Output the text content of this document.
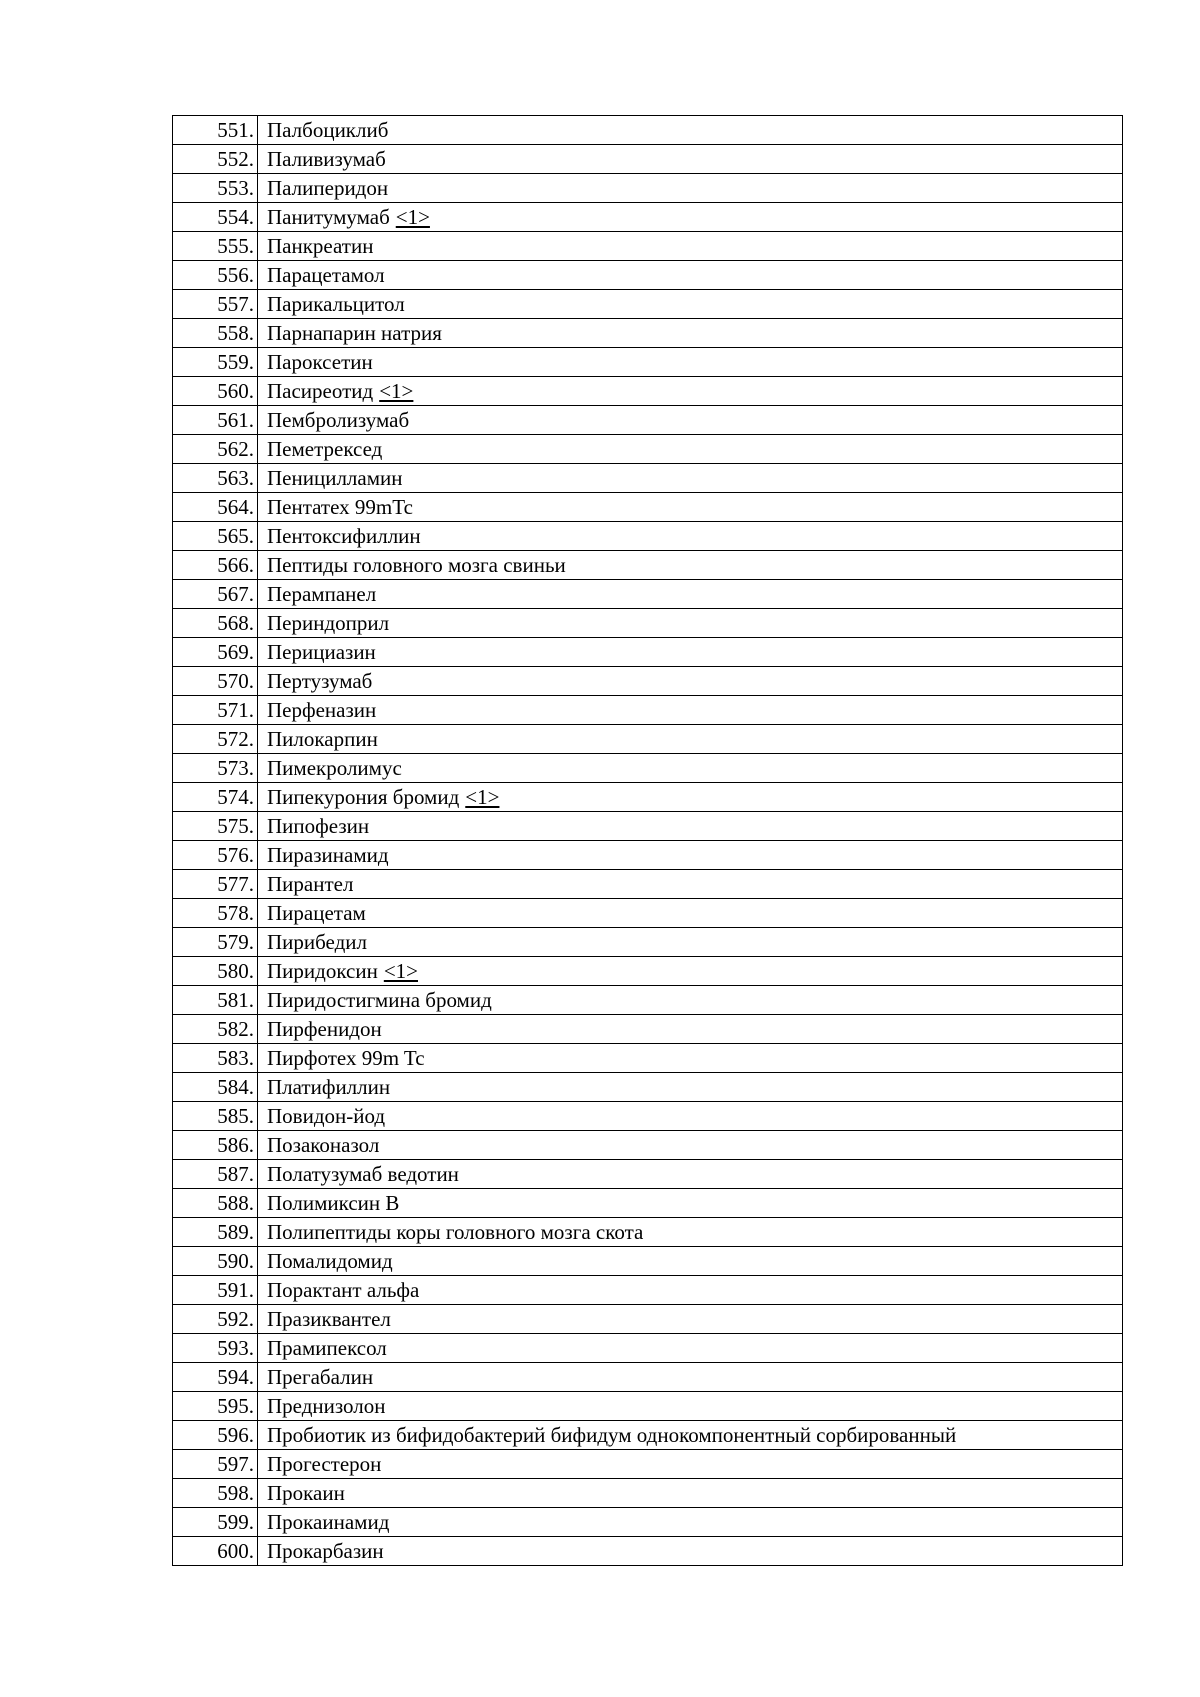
551.	Палбоциклиб
552.	Паливизумаб
553.	Палиперидон
554.	Панитумумаб <1>
555.	Панкреатин
556.	Парацетамол
557.	Парикальцитол
558.	Парнапарин натрия
559.	Пароксетин
560.	Пасиреотид <1>
561.	Пембролизумаб
562.	Пеметрексед
563.	Пеницилламин
564.	Пентатех 99mTc
565.	Пентоксифиллин
566.	Пептиды головного мозга свиньи
567.	Перампанел
568.	Периндоприл
569.	Перициазин
570.	Пертузумаб
571.	Перфеназин
572.	Пилокарпин
573.	Пимекролимус
574.	Пипекурония бромид <1>
575.	Пипофезин
576.	Пиразинамид
577.	Пирантел
578.	Пирацетам
579.	Пирибедил
580.	Пиридоксин <1>
581.	Пиридостигмина бромид
582.	Пирфенидон
583.	Пирфотех 99m Tc
584.	Платифиллин
585.	Повидон-йод
586.	Позаконазол
587.	Полатузумаб ведотин
588.	Полимиксин В
589.	Полипептиды коры головного мозга скота
590.	Помалидомид
591.	Порактант альфа
592.	Празиквантел
593.	Прамипексол
594.	Прегабалин
595.	Преднизолон
596.	Пробиотик из бифидобактерий бифидум однокомпонентный сорбированный
597.	Прогестерон
598.	Прокаин
599.	Прокаинамид
600.	Прокарбазин
